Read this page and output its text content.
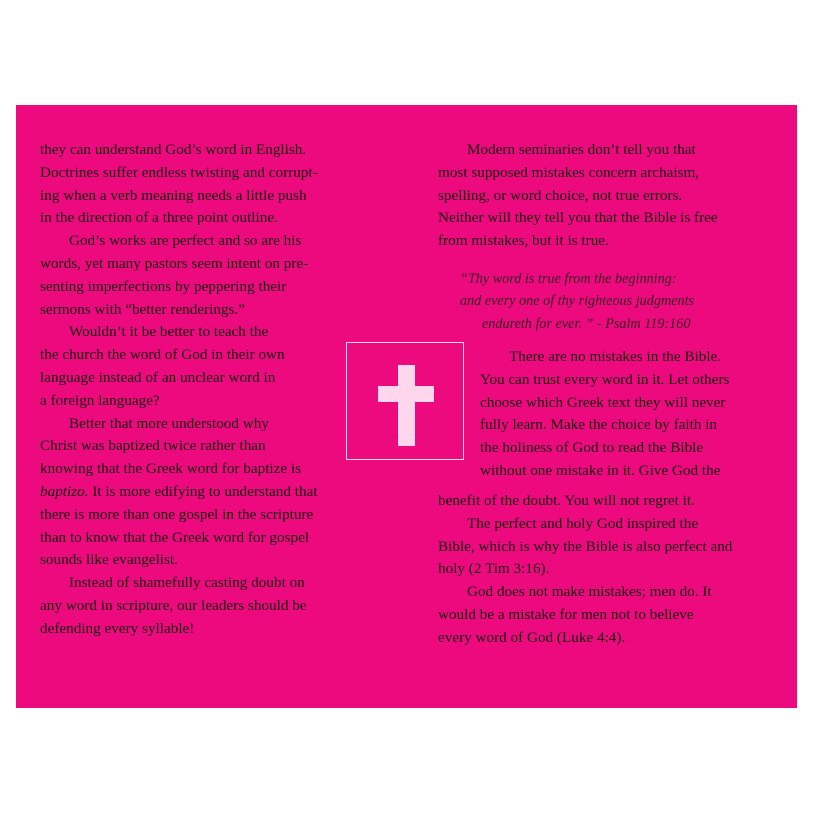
they can understand God’s word in English.
Doctrines suffer endless twisting and corrupt-
ing when a verb meaning needs a little push
in the direction of a three point outline.
God’s works are perfect and so are his
words, yet many pastors seem intent on pre-
senting imperfections by peppering their
sermons with “better renderings.”
Wouldn’t it be better to teach the
the church the word of God in their own
language instead of an unclear word in
a foreign language?
Better that more understood why
Christ was baptized twice rather than
knowing that the Greek word for baptize is
baptizo. It is more edifying to understand that
there is more than one gospel in the scripture
than to know that the Greek word for gospel
sounds like evangelist.
Instead of shamefully casting doubt on
any word in scripture, our leaders should be
defending every syllable!
Modern seminaries don’t tell you that
most supposed mistakes concern archaism,
spelling, or word choice, not true errors.
Neither will they tell you that the Bible is free
from mistakes, but it is true.
“Thy word is true from the beginning:
and every one of thy righteous judgments
endureth for ever. ” - Psalm 119:160
There are no mistakes in the Bible.
You can trust every word in it. Let others
choose which Greek text they will never
fully learn. Make the choice by faith in
the holiness of God to read the Bible
without one mistake in it. Give God the
benefit of the doubt. You will not regret it.
The perfect and holy God inspired the
Bible, which is why the Bible is also perfect and
holy (2 Tim 3:16).
God does not make mistakes; men do. It
would be a mistake for men not to believe
every word of God (Luke 4:4).
